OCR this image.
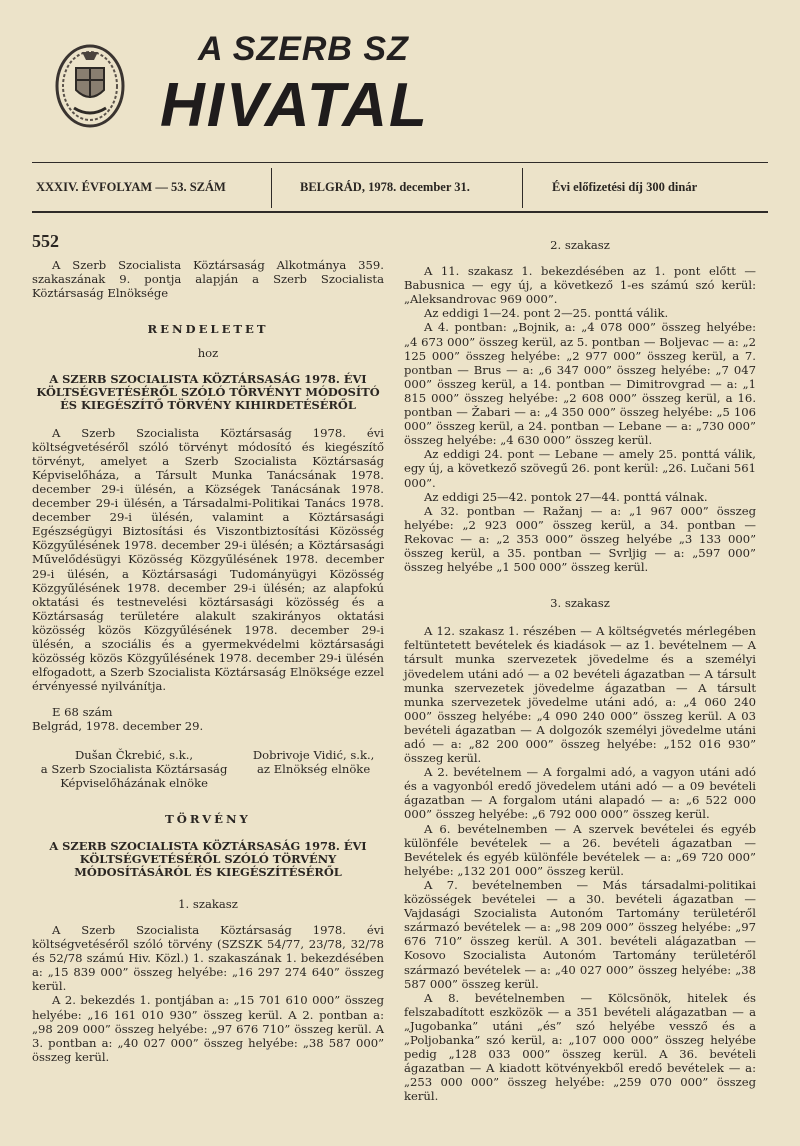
A SZERB SZ
HIVATAL
XXXIV. ÉVFOLYAM — 53. SZÁM	BELGRÁD, 1978. december 31.	Évi előfizetési díj 300 dinár
552

A Szerb Szocialista Köztársaság Alkotmánya 359. szakaszának 9. pontja alapján a Szerb Szocialista Köztársaság Elnöksége

RENDELETET

hoz

A SZERB SZOCIALISTA KÖZTÁRSASÁG 1978. ÉVI KÖLTSÉGVETÉSÉRŐL SZÓLÓ TÖRVÉNYT MÓDOSÍTÓ ÉS KIEGÉSZÍTŐ TÖRVÉNY KIHIRDETÉSÉRŐL

A Szerb Szocialista Köztársaság 1978. évi költségvetéséről szóló törvényt módosító és kiegészítő törvényt, amelyet a Szerb Szocialista Köztársaság Képviselőháza, a Társult Munka Tanácsának 1978. december 29-i ülésén, a Községek Tanácsának 1978. december 29-i ülésén, a Társadalmi-Politikai Tanács 1978. december 29-i ülésén, valamint a Köztársasági Egészségügyi Biztosítási és Viszontbiztosítási Közösség Közgyűlésének 1978. december 29-i ülésén; a Köztársasági Művelődésügyi Közösség Közgyűlésének 1978. december 29-i ülésén, a Köztársasági Tudományügyi Közösség Közgyűlésének 1978. december 29-i ülésén; az alapfokú oktatási és testnevelési köztársasági közösség és a Köztársaság területére alakult szakirányos oktatási közösség közös Közgyűlésének 1978. december 29-i ülésén, a szociális és a gyermekvédelmi köztársasági közösség közös Közgyűlésének 1978. december 29-i ülésén elfogadott, a Szerb Szocialista Köztársaság Elnöksége ezzel érvényessé nyilvánítja.

E 68 szám

Belgrád, 1978. december 29.

Dušan Čkrebić, s.k.,
a Szerb Szocialista Köztársaság Képviselőházának elnöke
Dobrivoje Vidić, s.k.,
az Elnökség elnöke

TÖRVÉNY

A SZERB SZOCIALISTA KÖZTÁRSASÁG 1978. ÉVI KÖLTSÉGVETÉSÉRŐL SZÓLÓ TÖRVÉNY MÓDOSÍTÁSÁRÓL ÉS KIEGÉSZÍTÉSÉRŐL

1. szakasz

A Szerb Szocialista Köztársaság 1978. évi költségvetéséről szóló törvény (SZSZK 54/77, 23/78, 32/78 és 52/78 számú Hiv. Közl.) 1. szakaszának 1. bekezdésében a: „15 839 000” összeg helyébe: „16 297 274 640” összeg kerül.

A 2. bekezdés 1. pontjában a: „15 701 610 000” összeg helyébe: „16 161 010 930” összeg kerül. A 2. pontban a: „98 209 000” összeg helyébe: „97 676 710” összeg kerül. A 3. pontban a: „40 027 000” összeg helyébe: „38 587 000” összeg kerül.

2. szakasz

A 11. szakasz 1. bekezdésében az 1. pont előtt — Babusnica — egy új, a következő 1-es számú szó kerül: „Aleksandrovac 969 000”.

Az eddigi 1—24. pont 2—25. ponttá válik.

A 4. pontban: „Bojnik, a: „4 078 000” összeg helyébe: „4 673 000” összeg kerül, az 5. pontban — Boljevac — a: „2 125 000” összeg helyébe: „2 977 000” összeg kerül, a 7. pontban — Brus — a: „6 347 000” összeg helyébe: „7 047 000” összeg kerül, a 14. pontban — Dimitrovgrad — a: „1 815 000” összeg helyébe: „2 608 000” összeg kerül, a 16. pontban — Žabari — a: „4 350 000” összeg helyébe: „5 106 000” összeg kerül, a 24. pontban — Lebane — a: „730 000” összeg helyébe: „4 630 000” összeg kerül.

Az eddigi 24. pont — Lebane — amely 25. ponttá válik, egy új, a következő szövegű 26. pont kerül: „26. Lučani 561 000”.

Az eddigi 25—42. pontok 27—44. ponttá válnak.

A 32. pontban — Ražanj — a: „1 967 000” összeg helyébe: „2 923 000” összeg kerül, a 34. pontban — Rekovac — a: „2 353 000” összeg helyébe „3 133 000” összeg kerül, a 35. pontban — Svrljig — a: „597 000” összeg helyébe „1 500 000” összeg kerül.

3. szakasz

A 12. szakasz 1. részében — A költségvetés mérlegében feltüntetett bevételek és kiadások — az 1. bevételnem — A társult munka szervezetek jövedelme és a személyi jövedelem utáni adó — a 02 bevételi ágazatban — A társult munka szervezetek jövedelme ágazatban — A társult munka szervezetek jövedelme utáni adó, a: „4 060 240 000” összeg helyébe: „4 090 240 000” összeg kerül. A 03 bevételi ágazatban — A dolgozók személyi jövedelme utáni adó — a: „82 200 000” összeg helyébe: „152 016 930” összeg kerül.

A 2. bevételnem — A forgalmi adó, a vagyon utáni adó és a vagyonból eredő jövedelem utáni adó — a 09 bevételi ágazatban — A forgalom utáni alapadó — a: „6 522 000 000” összeg helyébe: „6 792 000 000” összeg kerül.

A 6. bevételnemben — A szervek bevételei és egyéb különféle bevételek — a 26. bevételi ágazatban — Bevételek és egyéb különféle bevételek — a: „69 720 000” helyébe: „132 201 000” összeg kerül.

A 7. bevételnemben — Más társadalmi-politikai közösségek bevételei — a 30. bevételi ágazatban — Vajdasági Szocialista Autonóm Tartomány területéről származó bevételek — a: „98 209 000” összeg helyébe: „97 676 710” összeg kerül. A 301. bevételi alágazatban — Kosovo Szocialista Autonóm Tartomány területéről származó bevételek — a: „40 027 000” összeg helyébe: „38 587 000” összeg kerül.

A 8. bevételnemben — Kölcsönök, hitelek és felszabadított eszközök — a 351 bevételi alágazatban — a „Jugobanka” utáni „és” szó helyébe vessző és a „Poljobanka” szó kerül, a: „107 000 000” összeg helyébe pedig „128 033 000” összeg kerül. A 36. bevételi ágazatban — A kiadott kötvényekből eredő bevételek — a: „253 000 000” összeg helyébe: „259 070 000” összeg kerül.
